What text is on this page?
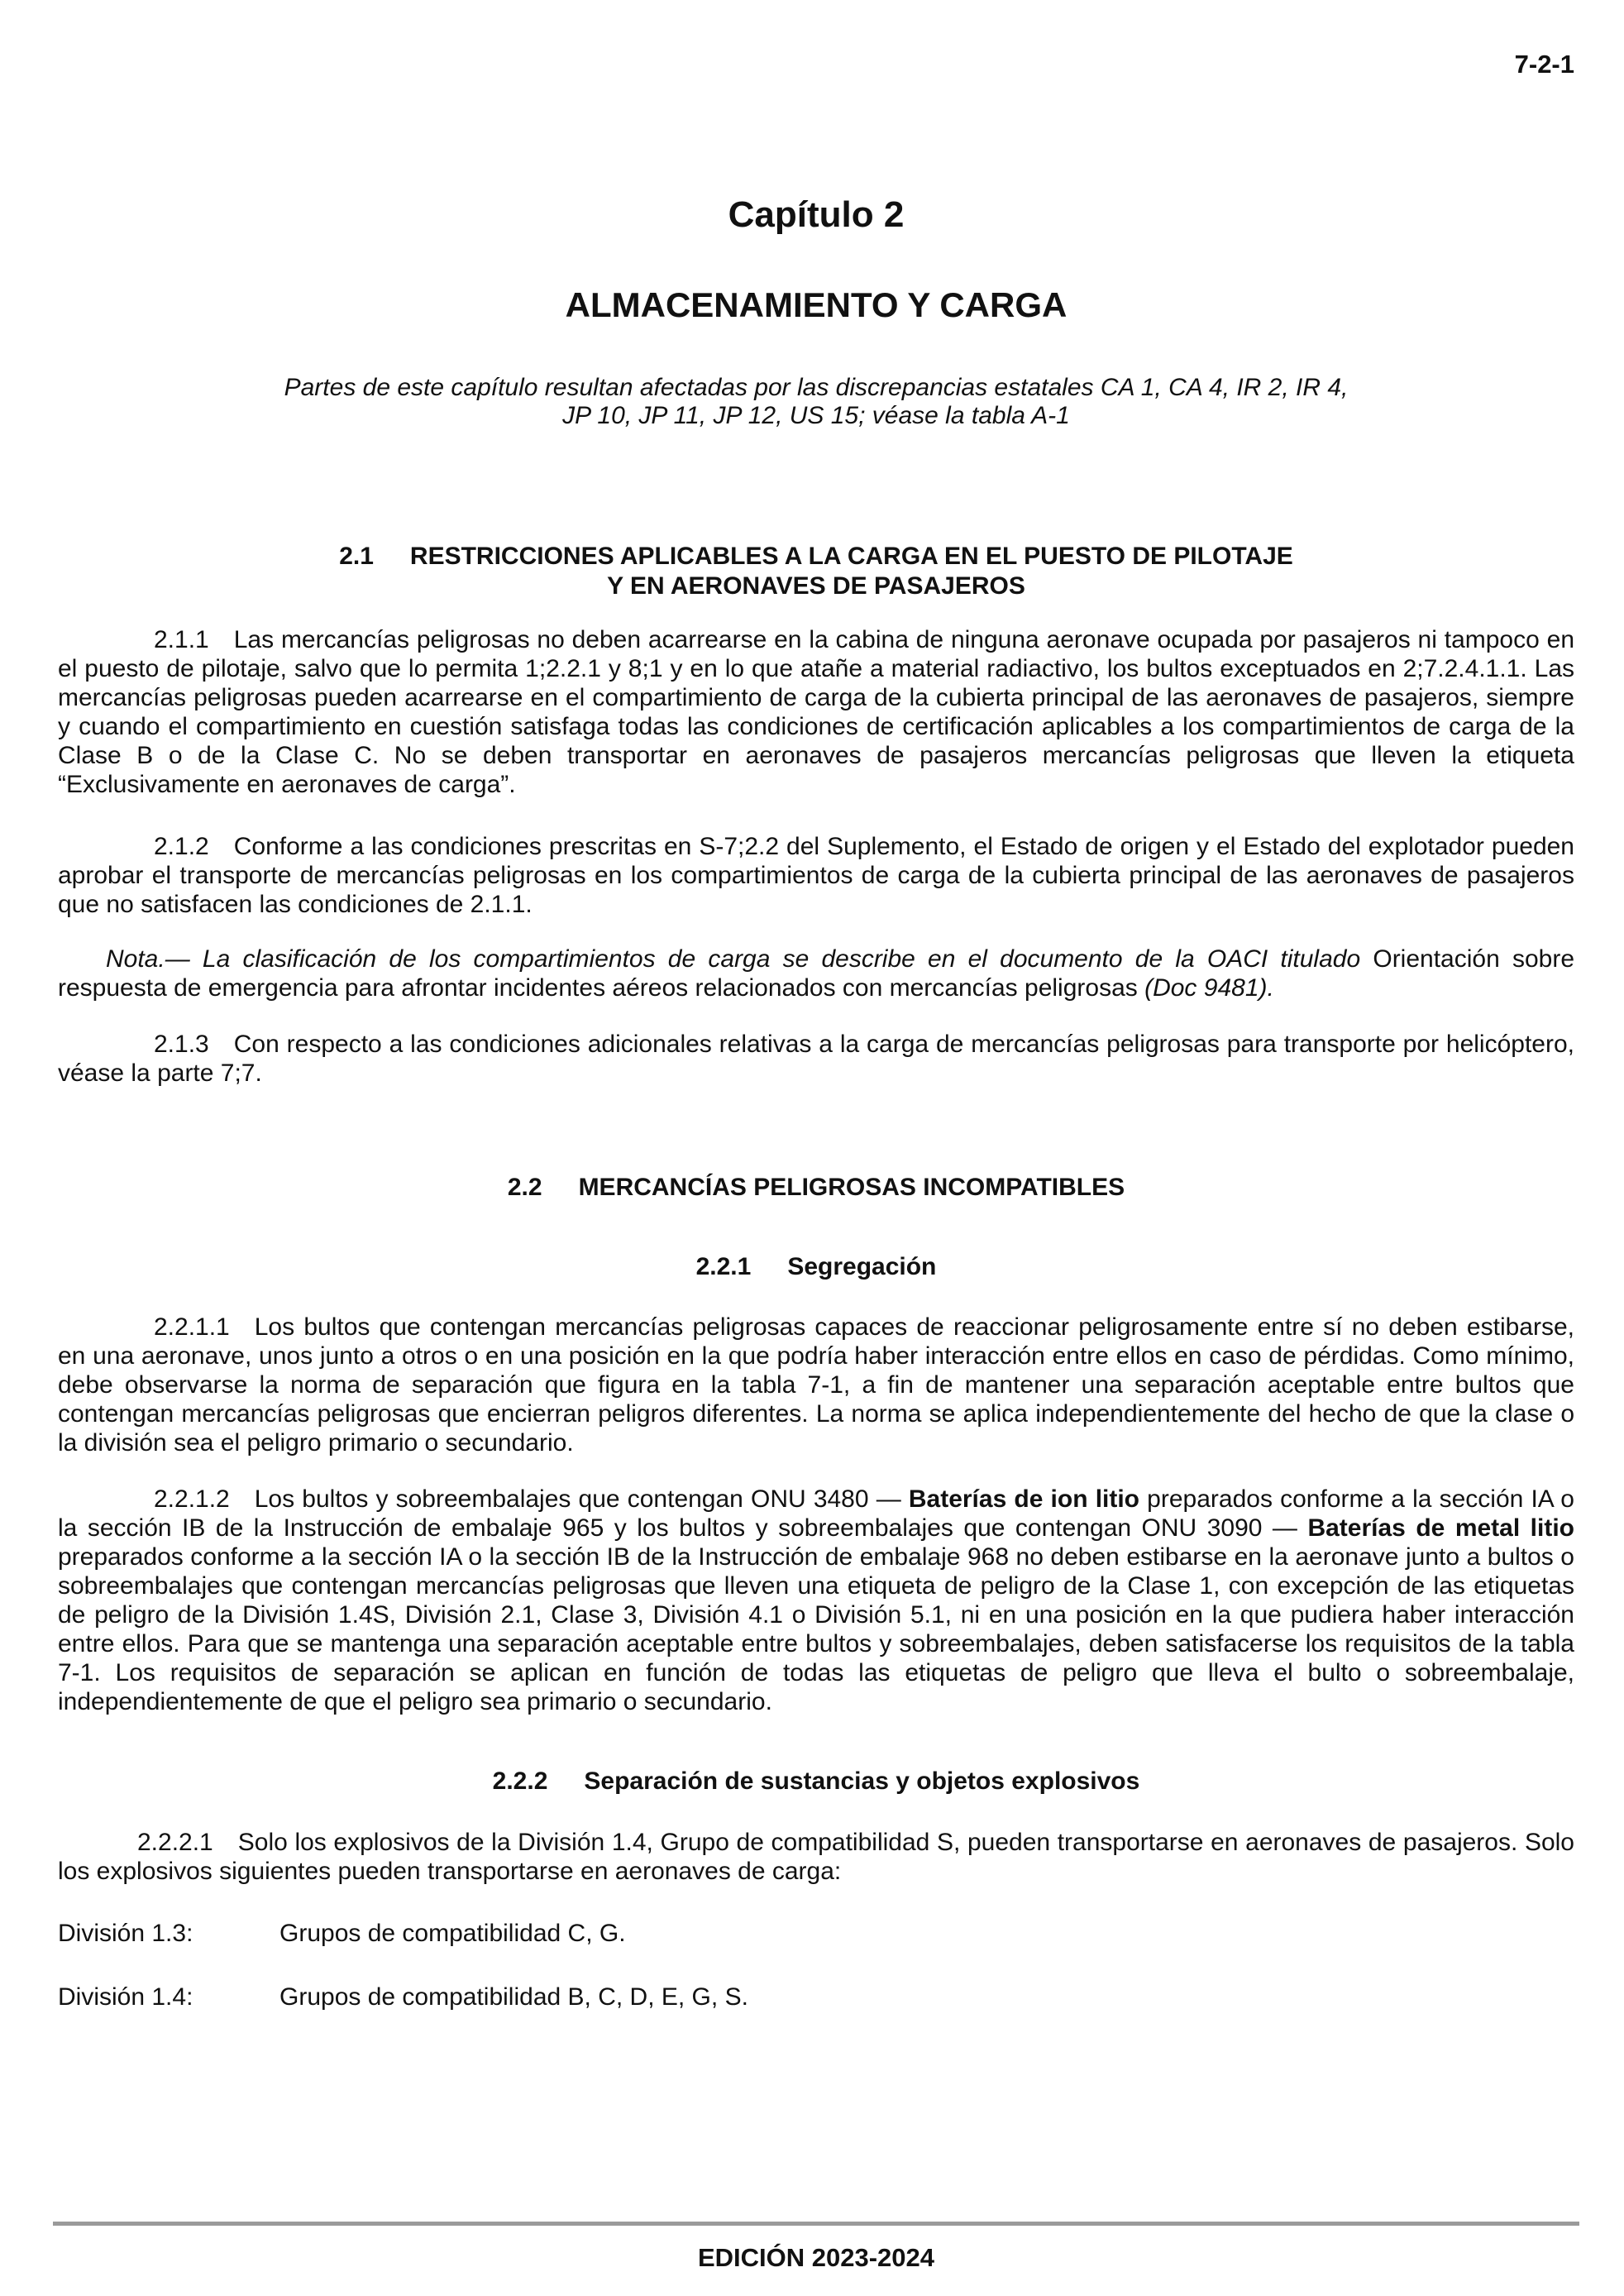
7-2-1
Capítulo 2
ALMACENAMIENTO Y CARGA
Partes de este capítulo resultan afectadas por las discrepancias estatales CA 1, CA 4, IR 2, IR 4,
JP 10, JP 11, JP 12, US 15; véase la tabla A-1
2.1 RESTRICCIONES APLICABLES A LA CARGA EN EL PUESTO DE PILOTAJE
Y EN AERONAVES DE PASAJEROS

2.1.1 Las mercancías peligrosas no deben acarrearse en la cabina de ninguna aeronave ocupada por pasajeros ni tampoco en el puesto de pilotaje, salvo que lo permita 1;2.2.1 y 8;1 y en lo que atañe a material radiactivo, los bultos exceptuados en 2;7.2.4.1.1. Las mercancías peligrosas pueden acarrearse en el compartimiento de carga de la cubierta principal de las aeronaves de pasajeros, siempre y cuando el compartimiento en cuestión satisfaga todas las condiciones de certificación aplicables a los compartimientos de carga de la Clase B o de la Clase C. No se deben transportar en aeronaves de pasajeros mercancías peligrosas que lleven la etiqueta “Exclusivamente en aeronaves de carga”.

2.1.2 Conforme a las condiciones prescritas en S-7;2.2 del Suplemento, el Estado de origen y el Estado del explotador pueden aprobar el transporte de mercancías peligrosas en los compartimientos de carga de la cubierta principal de las aeronaves de pasajeros que no satisfacen las condiciones de 2.1.1.

Nota.— La clasificación de los compartimientos de carga se describe en el documento de la OACI titulado Orientación sobre respuesta de emergencia para afrontar incidentes aéreos relacionados con mercancías peligrosas (Doc 9481).

2.1.3 Con respecto a las condiciones adicionales relativas a la carga de mercancías peligrosas para transporte por helicóptero, véase la parte 7;7.

2.2 MERCANCÍAS PELIGROSAS INCOMPATIBLES
2.2.1 Segregación

2.2.1.1 Los bultos que contengan mercancías peligrosas capaces de reaccionar peligrosamente entre sí no deben estibarse, en una aeronave, unos junto a otros o en una posición en la que podría haber interacción entre ellos en caso de pérdidas. Como mínimo, debe observarse la norma de separación que figura en la tabla 7-1, a fin de mantener una separación aceptable entre bultos que contengan mercancías peligrosas que encierran peligros diferentes. La norma se aplica independientemente del hecho de que la clase o la división sea el peligro primario o secundario.

2.2.1.2 Los bultos y sobreembalajes que contengan ONU 3480 — Baterías de ion litio preparados conforme a la sección IA o la sección IB de la Instrucción de embalaje 965 y los bultos y sobreembalajes que contengan ONU 3090 — Baterías de metal litio preparados conforme a la sección IA o la sección IB de la Instrucción de embalaje 968 no deben estibarse en la aeronave junto a bultos o sobreembalajes que contengan mercancías peligrosas que lleven una etiqueta de peligro de la Clase 1, con excepción de las etiquetas de peligro de la División 1.4S, División 2.1, Clase 3, División 4.1 o División 5.1, ni en una posición en la que pudiera haber interacción entre ellos. Para que se mantenga una separación aceptable entre bultos y sobreembalajes, deben satisfacerse los requisitos de la tabla 7-1. Los requisitos de separación se aplican en función de todas las etiquetas de peligro que lleva el bulto o sobreembalaje, independientemente de que el peligro sea primario o secundario.

2.2.2 Separación de sustancias y objetos explosivos

2.2.2.1 Solo los explosivos de la División 1.4, Grupo de compatibilidad S, pueden transportarse en aeronaves de pasajeros. Solo los explosivos siguientes pueden transportarse en aeronaves de carga:

División 1.3:	Grupos de compatibilidad C, G.
División 1.4:	Grupos de compatibilidad B, C, D, E, G, S.
EDICIÓN 2023-2024
